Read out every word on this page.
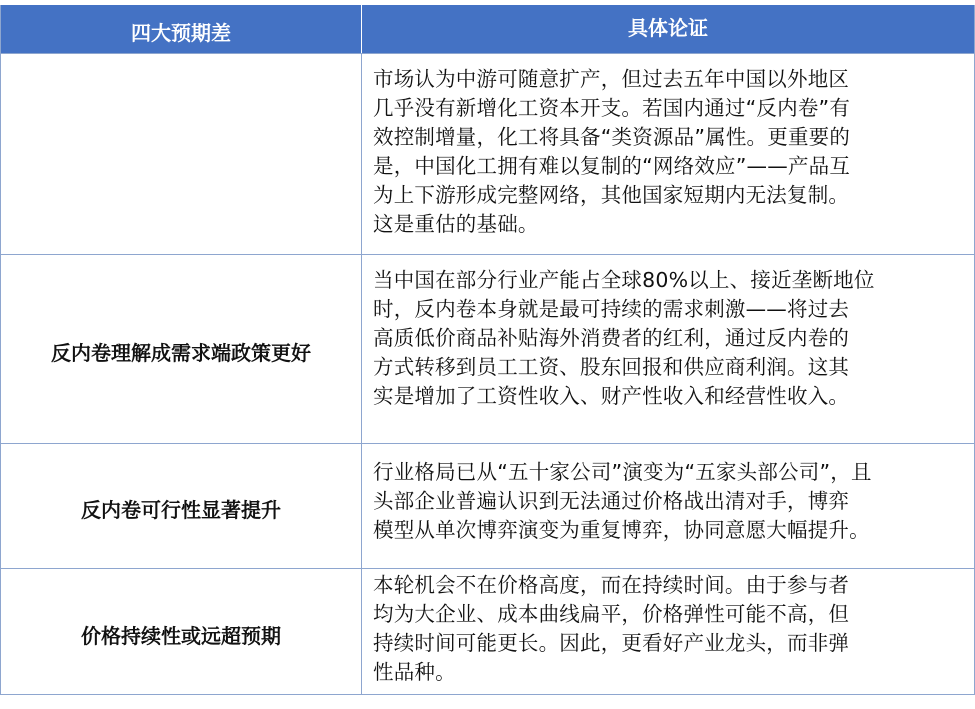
四大预期差	具体论证
市场认为中游可随意扩产，但过去五年中国以外地区
几乎没有新增化工资本开支。若国内通过“反内卷”有
效控制增量，化工将具备“类资源品”属性。更重要的
是，中国化工拥有难以复制的“网络效应”——产品互
为上下游形成完整网络，其他国家短期内无法复制。
这是重估的基础。
反内卷理解成需求端政策更好
当中国在部分行业产能占全球80%以上、接近垄断地位
时，反内卷本身就是最可持续的需求刺激——将过去
高质低价商品补贴海外消费者的红利，通过反内卷的
方式转移到员工工资、股东回报和供应商利润。这其
实是增加了工资性收入、财产性收入和经营性收入。
反内卷可行性显著提升
行业格局已从“五十家公司”演变为“五家头部公司”，且
头部企业普遍认识到无法通过价格战出清对手，博弈
模型从单次博弈演变为重复博弈，协同意愿大幅提升。
价格持续性或远超预期
本轮机会不在价格高度，而在持续时间。由于参与者
均为大企业、成本曲线扁平，价格弹性可能不高，但
持续时间可能更长。因此，更看好产业龙头，而非弹
性品种。
